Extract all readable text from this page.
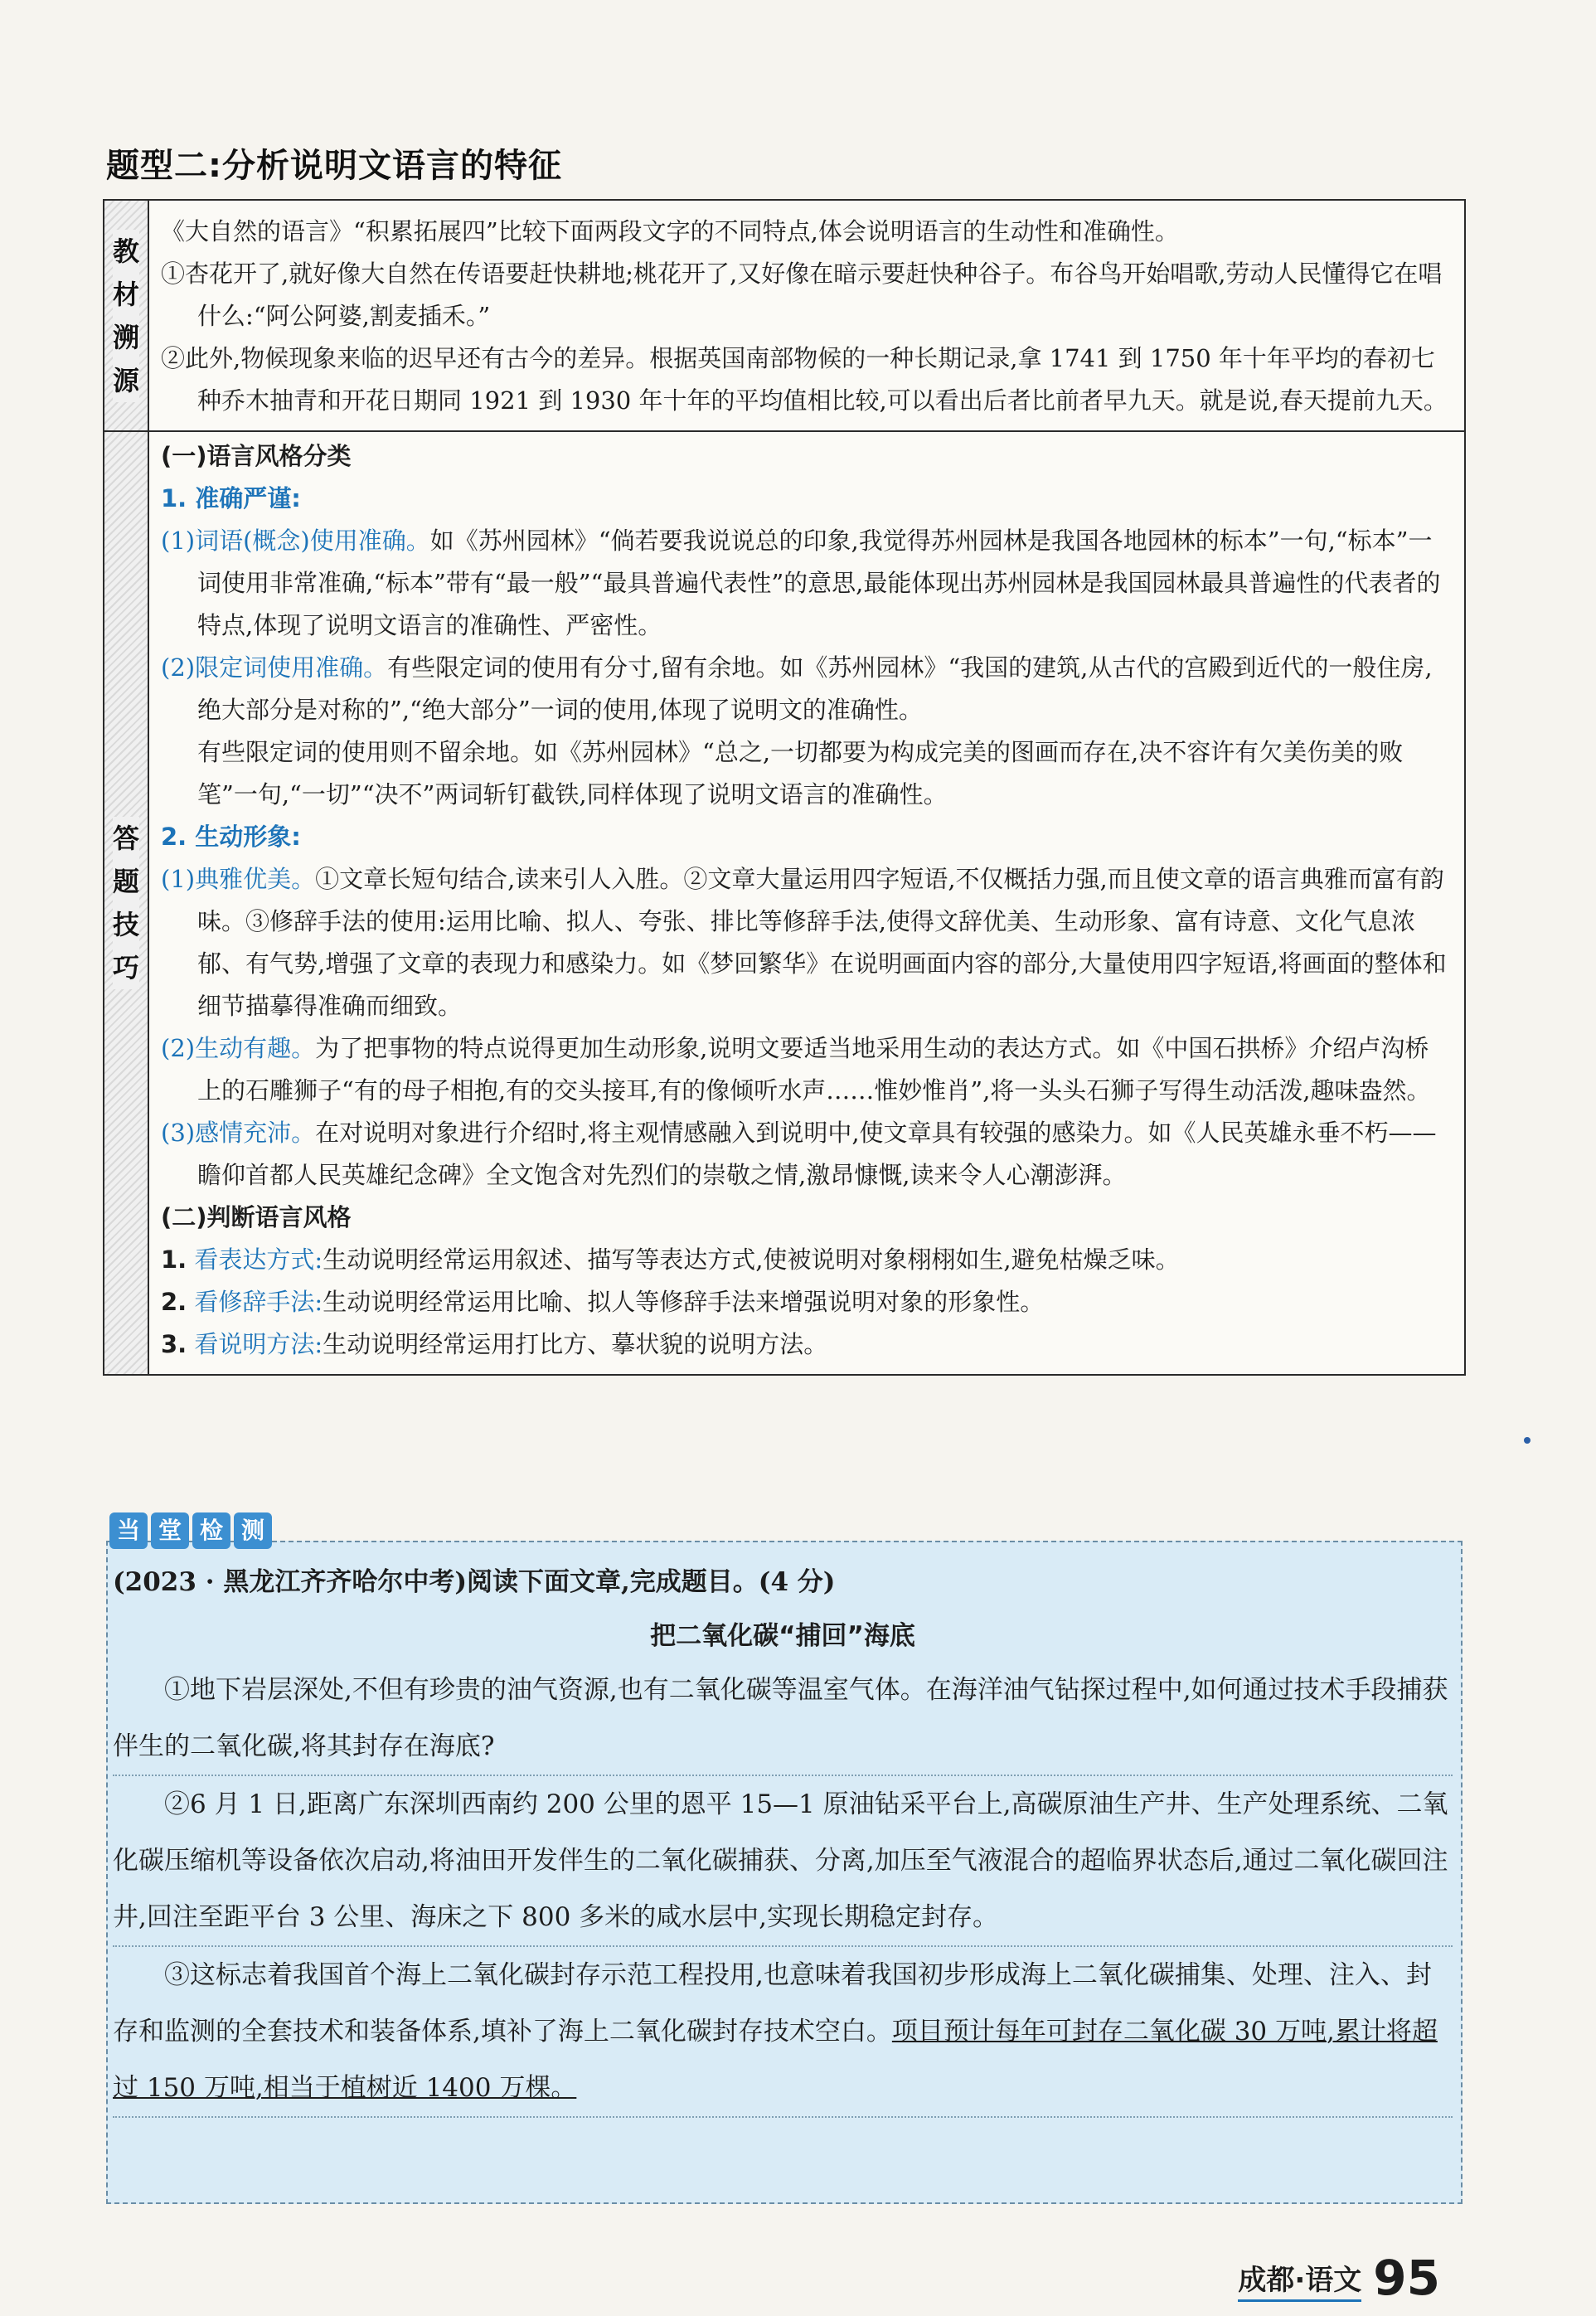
题型二:分析说明文语言的特征
教材溯源

《大自然的语言》“积累拓展四”比较下面两段文字的不同特点,体会说明语言的生动性和准确性。

①杏花开了,就好像大自然在传语要赶快耕地;桃花开了,又好像在暗示要赶快种谷子。布谷鸟开始唱歌,劳动人民懂得它在唱什么:“阿公阿婆,割麦插禾。”

②此外,物候现象来临的迟早还有古今的差异。根据英国南部物候的一种长期记录,拿 1741 到 1750 年十年平均的春初七种乔木抽青和开花日期同 1921 到 1930 年十年的平均值相比较,可以看出后者比前者早九天。就是说,春天提前九天。

答题技巧

(一)语言风格分类

1. 准确严谨:

(1)词语(概念)使用准确。如《苏州园林》“倘若要我说说总的印象,我觉得苏州园林是我国各地园林的标本”一句,“标本”一词使用非常准确,“标本”带有“最一般”“最具普遍代表性”的意思,最能体现出苏州园林是我国园林最具普遍性的代表者的特点,体现了说明文语言的准确性、严密性。

(2)限定词使用准确。有些限定词的使用有分寸,留有余地。如《苏州园林》“我国的建筑,从古代的宫殿到近代的一般住房,绝大部分是对称的”,“绝大部分”一词的使用,体现了说明文的准确性。
有些限定词的使用则不留余地。如《苏州园林》“总之,一切都要为构成完美的图画而存在,决不容许有欠美伤美的败笔”一句,“一切”“决不”两词斩钉截铁,同样体现了说明文语言的准确性。

2. 生动形象:

(1)典雅优美。①文章长短句结合,读来引人入胜。②文章大量运用四字短语,不仅概括力强,而且使文章的语言典雅而富有韵味。③修辞手法的使用:运用比喻、拟人、夸张、排比等修辞手法,使得文辞优美、生动形象、富有诗意、文化气息浓郁、有气势,增强了文章的表现力和感染力。如《梦回繁华》在说明画面内容的部分,大量使用四字短语,将画面的整体和细节描摹得准确而细致。

(2)生动有趣。为了把事物的特点说得更加生动形象,说明文要适当地采用生动的表达方式。如《中国石拱桥》介绍卢沟桥上的石雕狮子“有的母子相抱,有的交头接耳,有的像倾听水声……惟妙惟肖”,将一头头石狮子写得生动活泼,趣味盎然。

(3)感情充沛。在对说明对象进行介绍时,将主观情感融入到说明中,使文章具有较强的感染力。如《人民英雄永垂不朽——瞻仰首都人民英雄纪念碑》全文饱含对先烈们的崇敬之情,激昂慷慨,读来令人心潮澎湃。

(二)判断语言风格

1. 看表达方式:生动说明经常运用叙述、描写等表达方式,使被说明对象栩栩如生,避免枯燥乏味。

2. 看修辞手法:生动说明经常运用比喻、拟人等修辞手法来增强说明对象的形象性。

3. 看说明方法:生动说明经常运用打比方、摹状貌的说明方法。

(2023 · 黑龙江齐齐哈尔中考)阅读下面文章,完成题目。(4 分)
把二氧化碳“捕回”海底

①地下岩层深处,不但有珍贵的油气资源,也有二氧化碳等温室气体。在海洋油气钻探过程中,如何通过技术手段捕获伴生的二氧化碳,将其封存在海底?

②6 月 1 日,距离广东深圳西南约 200 公里的恩平 15—1 原油钻采平台上,高碳原油生产井、生产处理系统、二氧化碳压缩机等设备依次启动,将油田开发伴生的二氧化碳捕获、分离,加压至气液混合的超临界状态后,通过二氧化碳回注井,回注至距平台 3 公里、海床之下 800 多米的咸水层中,实现长期稳定封存。

③这标志着我国首个海上二氧化碳封存示范工程投用,也意味着我国初步形成海上二氧化碳捕集、处理、注入、封存和监测的全套技术和装备体系,填补了海上二氧化碳封存技术空白。项目预计每年可封存二氧化碳 30 万吨,累计将超过 150 万吨,相当于植树近 1400 万棵。

当 堂 检 测
成都·语文 95
